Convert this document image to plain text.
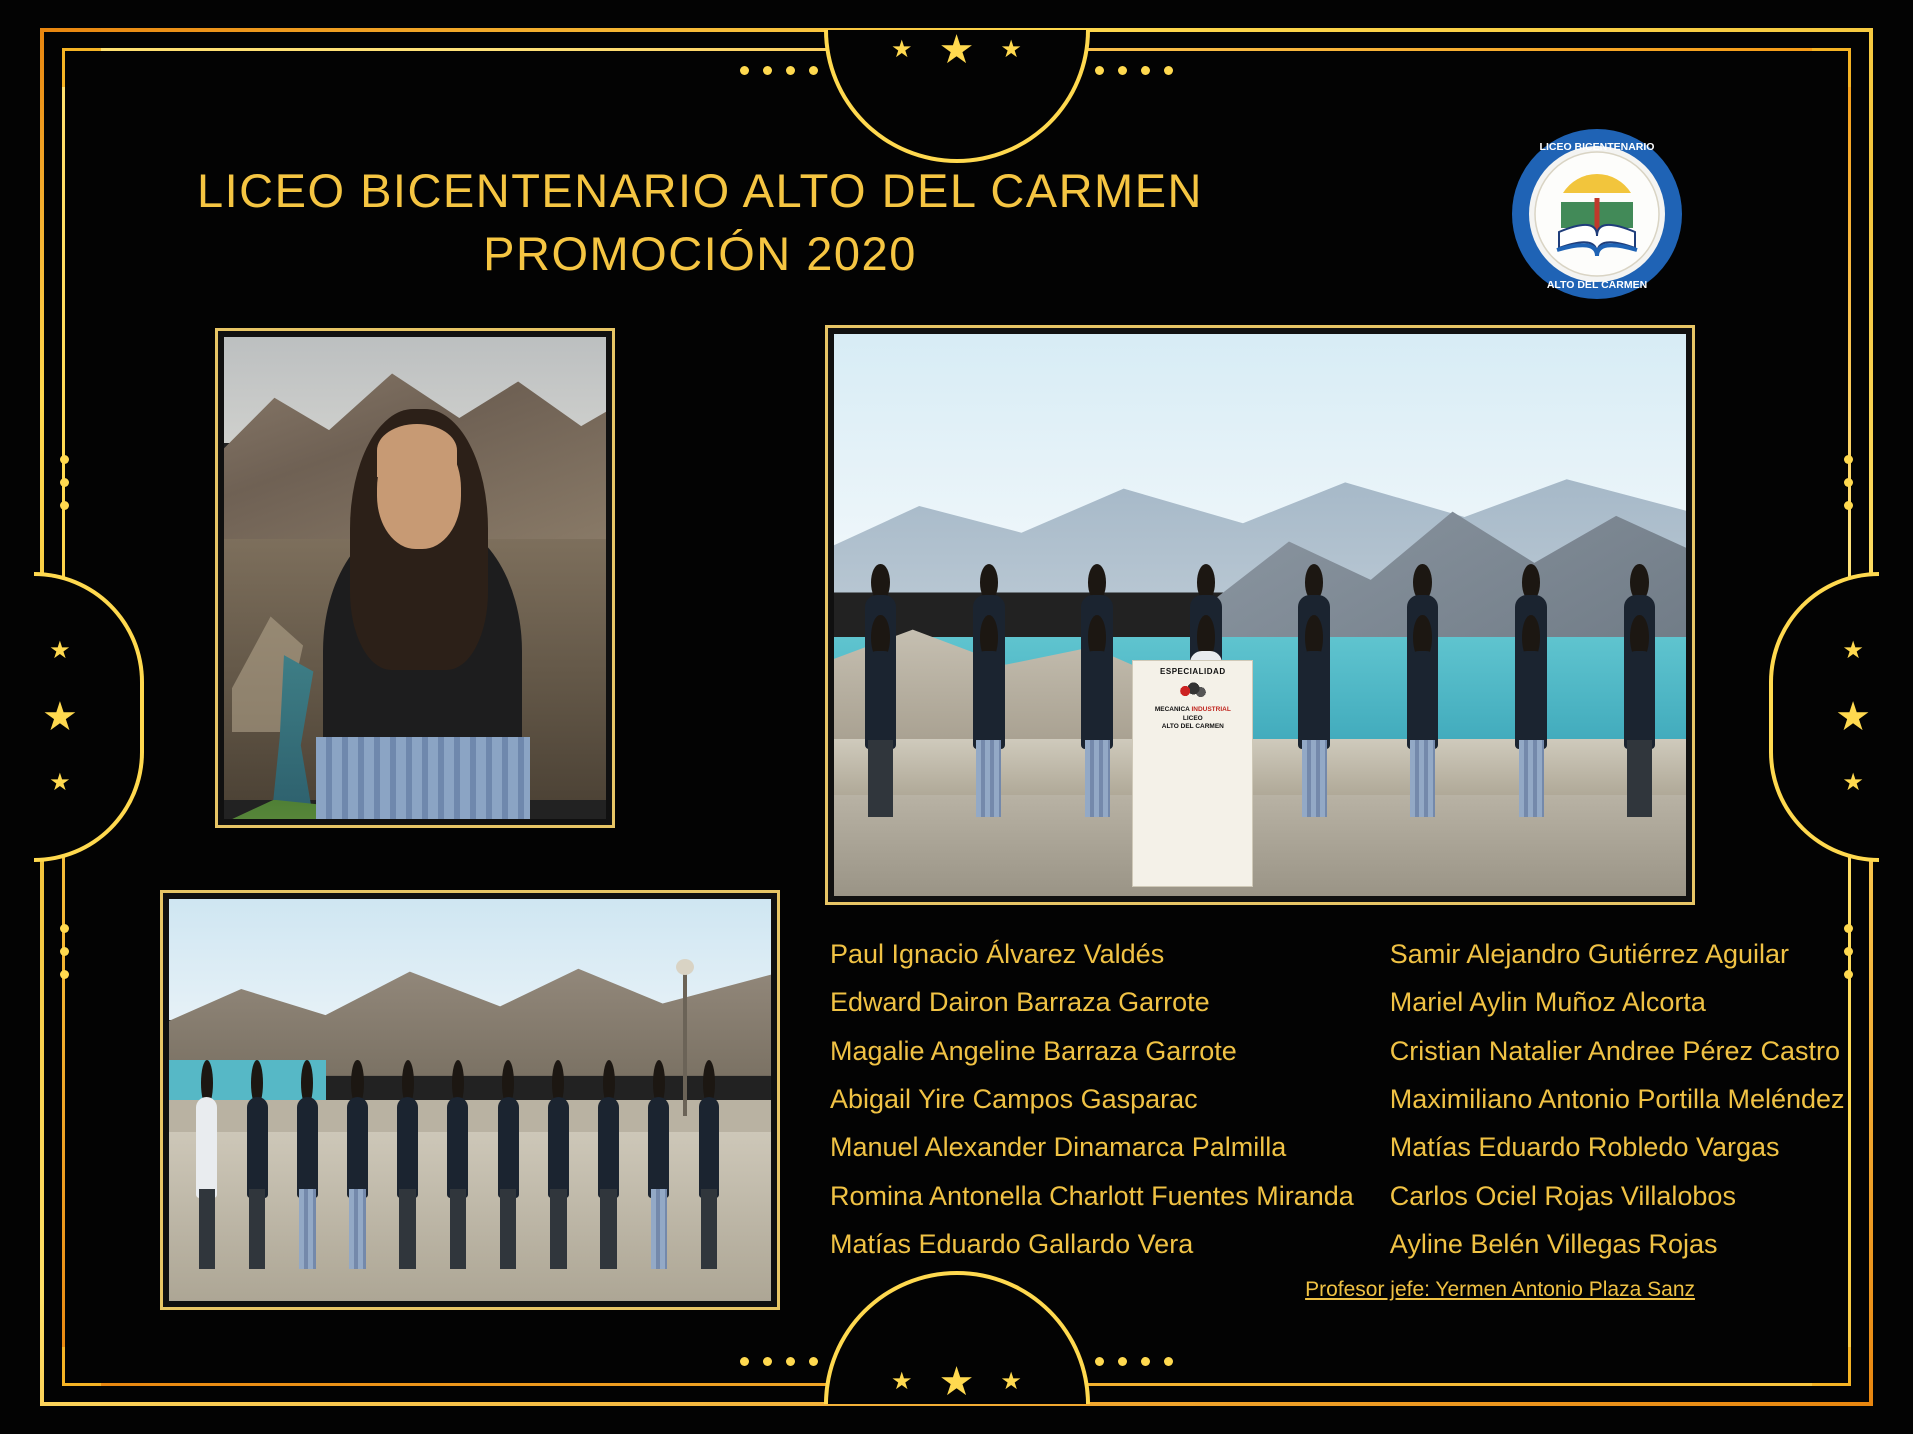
★ ★ ★
★ ★ ★
★
★
★
★
★
★
LICEO BICENTENARIO ALTO DEL CARMEN
PROMOCIÓN 2020
LICEO BICENTENARIO
ALTO DEL CARMEN
ESPECIALIDAD
MECANICA INDUSTRIAL
LICEO
ALTO DEL CARMEN
Paul Ignacio Álvarez Valdés
Edward Dairon Barraza Garrote
Magalie Angeline Barraza Garrote
Abigail Yire Campos Gasparac
Manuel Alexander Dinamarca Palmilla
Romina Antonella Charlott Fuentes Miranda
Matías Eduardo Gallardo Vera
Samir Alejandro Gutiérrez Aguilar
Mariel Aylin Muñoz Alcorta
Cristian Natalier Andree Pérez Castro
Maximiliano Antonio Portilla Meléndez
Matías Eduardo Robledo Vargas
Carlos Ociel Rojas Villalobos
Ayline Belén Villegas Rojas
Profesor jefe: Yermen Antonio Plaza Sanz
